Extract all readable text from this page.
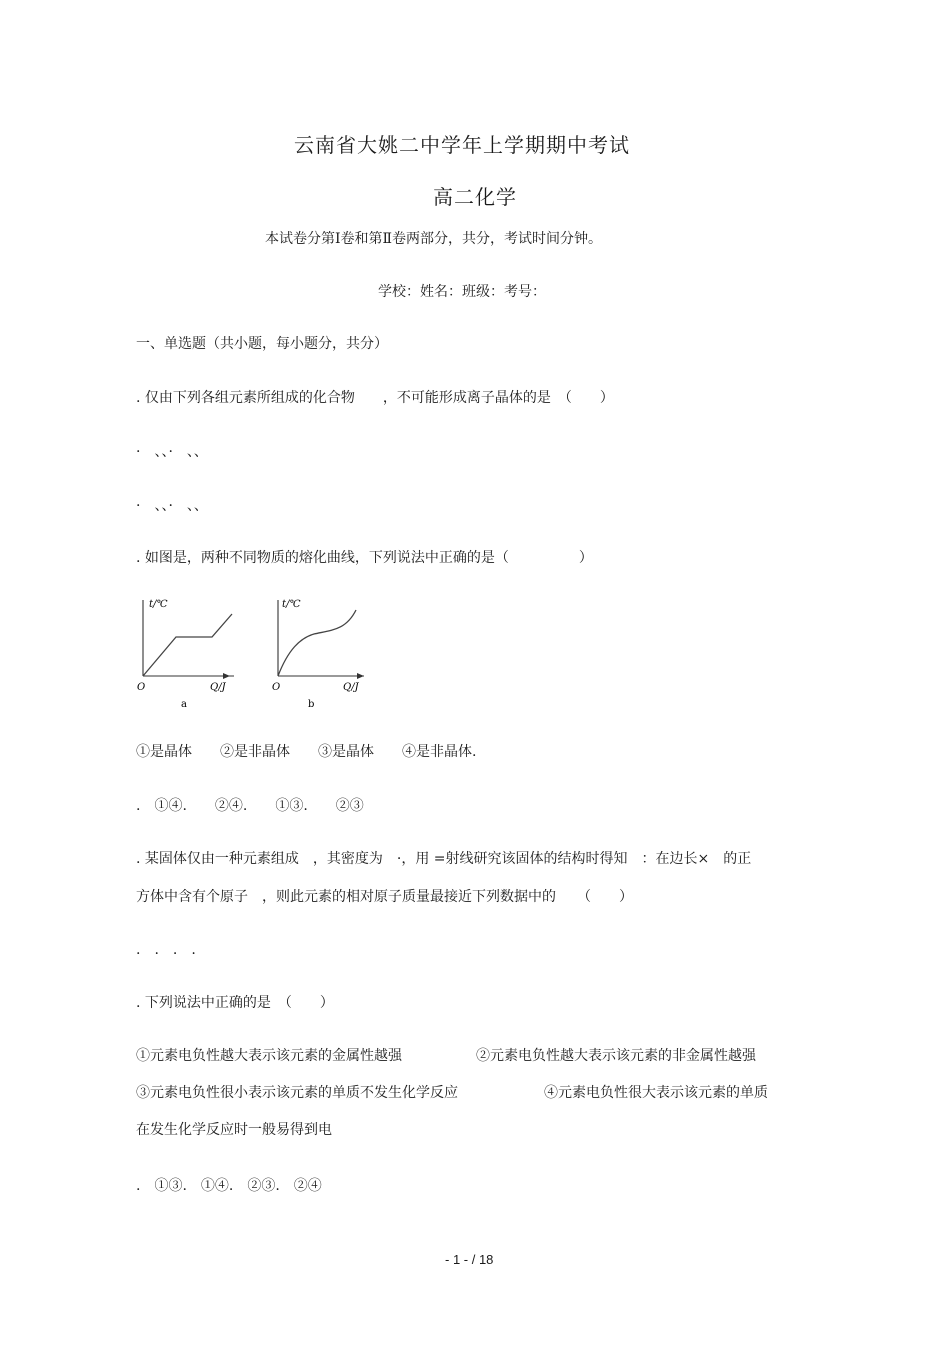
云南省大姚二中学年上学期期中考试
高二化学
本试卷分第Ⅰ卷和第Ⅱ卷两部分，共分，考试时间分钟。
学校：姓名：班级：考号：
一、单选题（共小题，每小题分，共分）
. 仅由下列各组元素所组成的化合物　　，不可能形成离子晶体的是　（　　）
·　、、·　、、
·　、、·　、、
. 如图是，两种不同物质的熔化曲线，下列说法中正确的是（　　　　　）
t/℃
O	Q/J
a
t/℃
O	Q/J
b
①是晶体　　②是非晶体　　③是晶体　　④是非晶体.
.　①④.　　②④.　　①③.　　②③
. 某固体仅由一种元素组成　，其密度为　·，用 =射线研究该固体的结构时得知　：在边长×　的正
方体中含有个原子　，则此元素的相对原子质量最接近下列数据中的　　（　　）
.　.　.　.
. 下列说法中正确的是　（　　）
①元素电负性越大表示该元素的金属性越强	②元素电负性越大表示该元素的非金属性越强
③元素电负性很小表示该元素的单质不发生化学反应	④元素电负性很大表示该元素的单质
在发生化学反应时一般易得到电
.　①③.　①④.　②③.　②④
- 1 - / 18
